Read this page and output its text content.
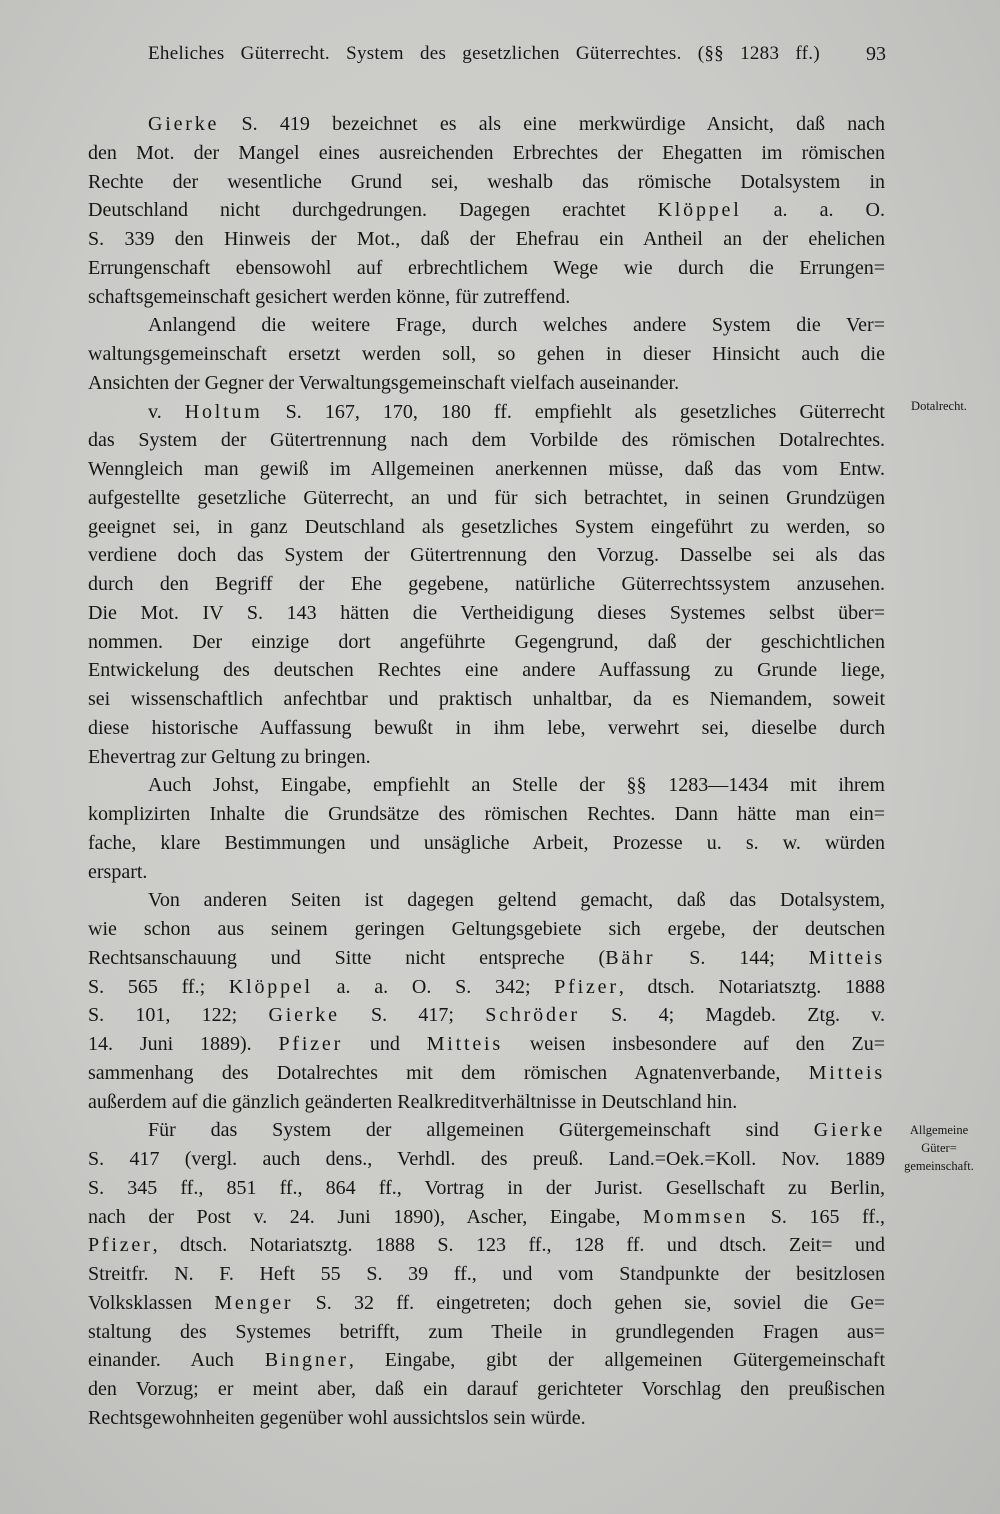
Eheliches Güterrecht. System des gesetzlichen Güterrechtes. (§§ 1283 ff.)	93
Gierke S. 419 bezeichnet es als eine merkwürdige Ansicht, daß nach
den Mot. der Mangel eines ausreichenden Erbrechtes der Ehegatten im römischen
Rechte der wesentliche Grund sei, weshalb das römische Dotalsystem in
Deutschland nicht durchgedrungen. Dagegen erachtet Klöppel a. a. O.
S. 339 den Hinweis der Mot., daß der Ehefrau ein Antheil an der ehelichen
Errungenschaft ebensowohl auf erbrechtlichem Wege wie durch die Errungen=
schaftsgemeinschaft gesichert werden könne, für zutreffend.
Anlangend die weitere Frage, durch welches andere System die Ver=
waltungsgemeinschaft ersetzt werden soll, so gehen in dieser Hinsicht auch die
Ansichten der Gegner der Verwaltungsgemeinschaft vielfach auseinander.
v. Holtum S. 167, 170, 180 ff. empfiehlt als gesetzliches Güterrecht
das System der Gütertrennung nach dem Vorbilde des römischen Dotalrechtes.
Wenngleich man gewiß im Allgemeinen anerkennen müsse, daß das vom Entw.
aufgestellte gesetzliche Güterrecht, an und für sich betrachtet, in seinen Grundzügen
geeignet sei, in ganz Deutschland als gesetzliches System eingeführt zu werden, so
verdiene doch das System der Gütertrennung den Vorzug. Dasselbe sei als das
durch den Begriff der Ehe gegebene, natürliche Güterrechtssystem anzusehen.
Die Mot. IV S. 143 hätten die Vertheidigung dieses Systemes selbst über=
nommen. Der einzige dort angeführte Gegengrund, daß der geschichtlichen
Entwickelung des deutschen Rechtes eine andere Auffassung zu Grunde liege,
sei wissenschaftlich anfechtbar und praktisch unhaltbar, da es Niemandem, soweit
diese historische Auffassung bewußt in ihm lebe, verwehrt sei, dieselbe durch
Ehevertrag zur Geltung zu bringen.
Auch Johst, Eingabe, empfiehlt an Stelle der §§ 1283—1434 mit ihrem
komplizirten Inhalte die Grundsätze des römischen Rechtes. Dann hätte man ein=
fache, klare Bestimmungen und unsägliche Arbeit, Prozesse u. s. w. würden
erspart.
Von anderen Seiten ist dagegen geltend gemacht, daß das Dotalsystem,
wie schon aus seinem geringen Geltungsgebiete sich ergebe, der deutschen
Rechtsanschauung und Sitte nicht entspreche (Bähr S. 144; Mitteis
S. 565 ff.; Klöppel a. a. O. S. 342; Pfizer, dtsch. Notariatsztg. 1888
S. 101, 122; Gierke S. 417; Schröder S. 4; Magdeb. Ztg. v.
14. Juni 1889). Pfizer und Mitteis weisen insbesondere auf den Zu=
sammenhang des Dotalrechtes mit dem römischen Agnatenverbande, Mitteis
außerdem auf die gänzlich geänderten Realkreditverhältnisse in Deutschland hin.
Für das System der allgemeinen Gütergemeinschaft sind Gierke
S. 417 (vergl. auch dens., Verhdl. des preuß. Land.=Oek.=Koll. Nov. 1889
S. 345 ff., 851 ff., 864 ff., Vortrag in der Jurist. Gesellschaft zu Berlin,
nach der Post v. 24. Juni 1890), Ascher, Eingabe, Mommsen S. 165 ff.,
Pfizer, dtsch. Notariatsztg. 1888 S. 123 ff., 128 ff. und dtsch. Zeit= und
Streitfr. N. F. Heft 55 S. 39 ff., und vom Standpunkte der besitzlosen
Volksklassen Menger S. 32 ff. eingetreten; doch gehen sie, soviel die Ge=
staltung des Systemes betrifft, zum Theile in grundlegenden Fragen aus=
einander. Auch Bingner, Eingabe, gibt der allgemeinen Gütergemeinschaft
den Vorzug; er meint aber, daß ein darauf gerichteter Vorschlag den preußischen
Rechtsgewohnheiten gegenüber wohl aussichtslos sein würde.
Dotalrecht.
Allgemeine
Güter=
gemeinschaft.
